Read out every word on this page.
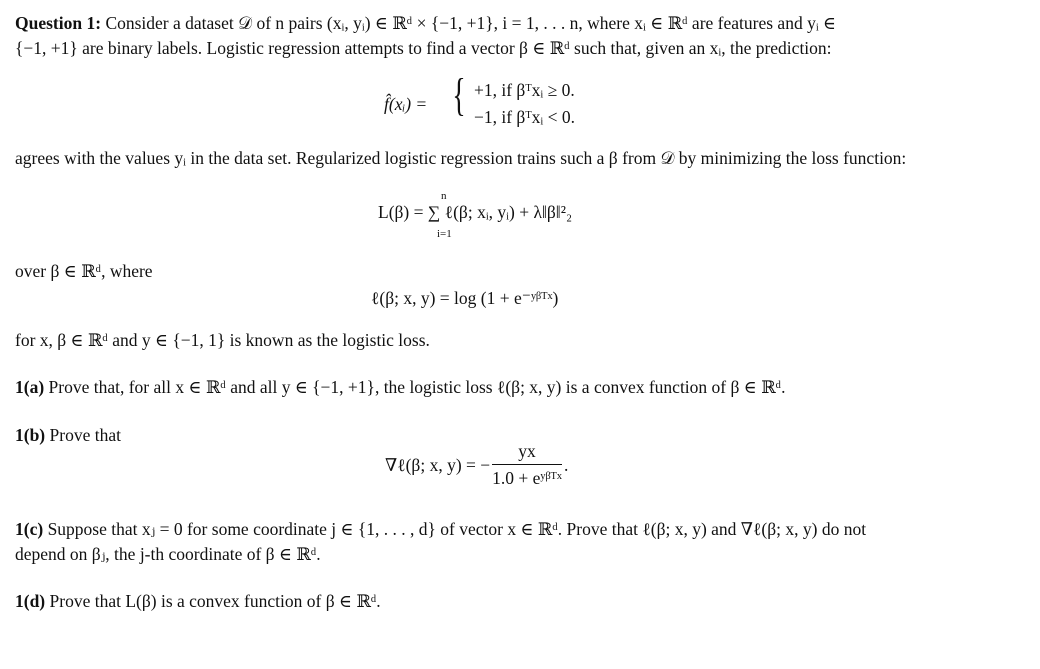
Question 1: Consider a dataset 𝒟 of n pairs (xᵢ, yᵢ) ∈ ℝᵈ × {−1, +1}, i = 1, . . . n, where xᵢ ∈ ℝᵈ are features and yᵢ ∈
{−1, +1} are binary labels. Logistic regression attempts to find a vector β ∈ ℝᵈ such that, given an xᵢ, the prediction:
f̂(xᵢ) = { +1, if βᵀxᵢ ≥ 0.
−1, if βᵀxᵢ < 0.
agrees with the values yᵢ in the data set. Regularized logistic regression trains such a β from 𝒟 by minimizing the loss function:
n
L(β) = ∑ ℓ(β; xᵢ, yᵢ) + λ‖β‖²₂
i=1
over β ∈ ℝᵈ, where
ℓ(β; x, y) = log (1 + e⁻ʸᵝᵀˣ)
for x, β ∈ ℝᵈ and y ∈ {−1, 1} is known as the logistic loss.
1(a) Prove that, for all x ∈ ℝᵈ and all y ∈ {−1, +1}, the logistic loss ℓ(β; x, y) is a convex function of β ∈ ℝᵈ.
1(b) Prove that
∇ℓ(β; x, y) = − $\frac{yx}{\text{1.0 + eʸᵝᵀˣ}}$ .
1(c) Suppose that xⱼ = 0 for some coordinate j ∈ {1, . . . , d} of vector x ∈ ℝᵈ. Prove that ℓ(β; x, y) and ∇ℓ(β; x, y) do not
depend on βⱼ, the j-th coordinate of β ∈ ℝᵈ.
1(d) Prove that L(β) is a convex function of β ∈ ℝᵈ.
